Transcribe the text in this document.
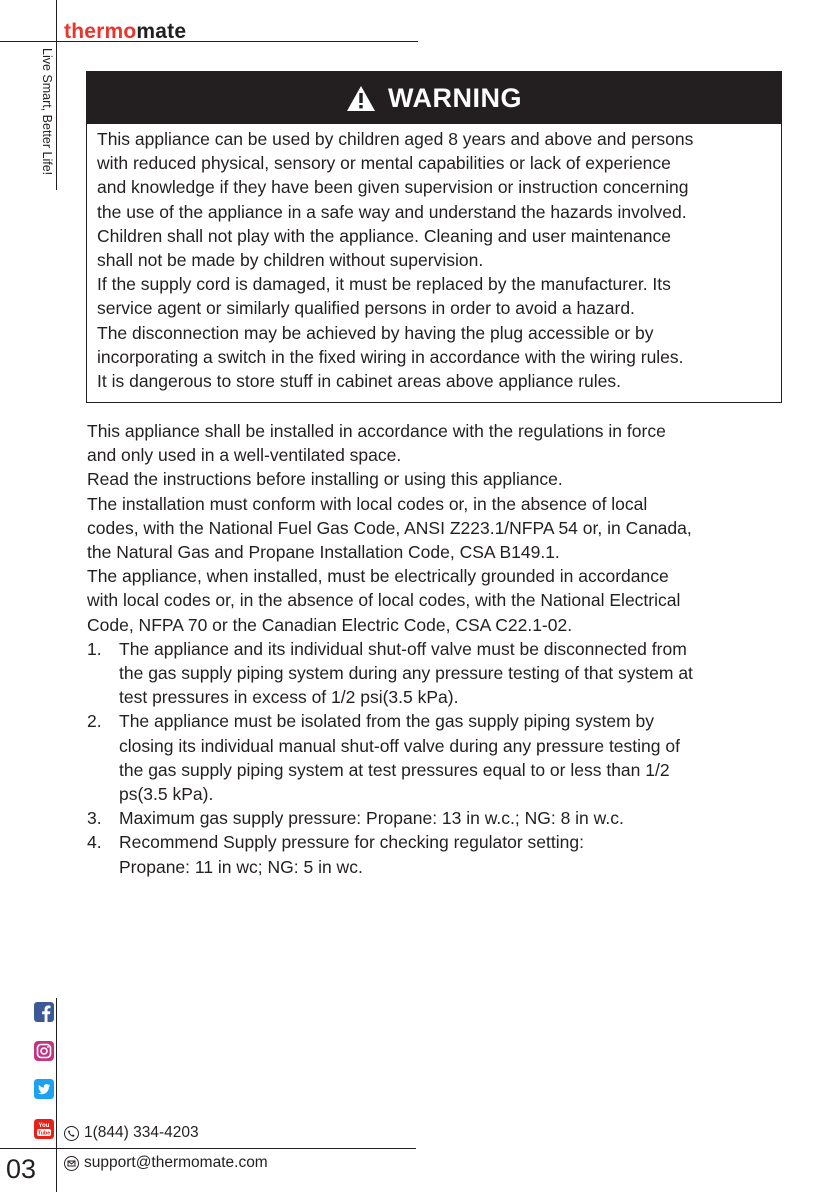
thermomate
Live Smart, Better Life!	WARNING
This appliance can be used by children aged 8 years and above and persons
with reduced physical, sensory or mental capabilities or lack of experience
and knowledge if they have been given supervision or instruction concerning
the use of the appliance in a safe way and understand the hazards involved.
Children shall not play with the appliance. Cleaning and user maintenance
shall not be made by children without supervision.
If the supply cord is damaged, it must be replaced by the manufacturer. Its
service agent or similarly qualified persons in order to avoid a hazard.
The disconnection may be achieved by having the plug accessible or by
incorporating a switch in the fixed wiring in accordance with the wiring rules.
It is dangerous to store stuff in cabinet areas above appliance rules.
This appliance shall be installed in accordance with the regulations in force
and only used in a well-ventilated space.
Read the instructions before installing or using this appliance.
The installation must conform with local codes or, in the absence of local
codes, with the National Fuel Gas Code, ANSI Z223.1/NFPA 54 or, in Canada,
the Natural Gas and Propane Installation Code, CSA B149.1.
The appliance, when installed, must be electrically grounded in accordance
with local codes or, in the absence of local codes, with the National Electrical
Code, NFPA 70 or the Canadian Electric Code, CSA C22.1-02.
1. The appliance and its individual shut-off valve must be disconnected from
the gas supply piping system during any pressure testing of that system at
test pressures in excess of 1/2 psi(3.5 kPa).
2. The appliance must be isolated from the gas supply piping system by
closing its individual manual shut-off valve during any pressure testing of
the gas supply piping system at test pressures equal to or less than 1/2
ps(3.5 kPa).
3. Maximum gas supply pressure: Propane: 13 in w.c.; NG: 8 in w.c.
4. Recommend Supply pressure for checking regulator setting:
Propane: 11 in wc; NG: 5 in wc.
You
Tube 1(844) 334-4203
support@thermomate.com
03
